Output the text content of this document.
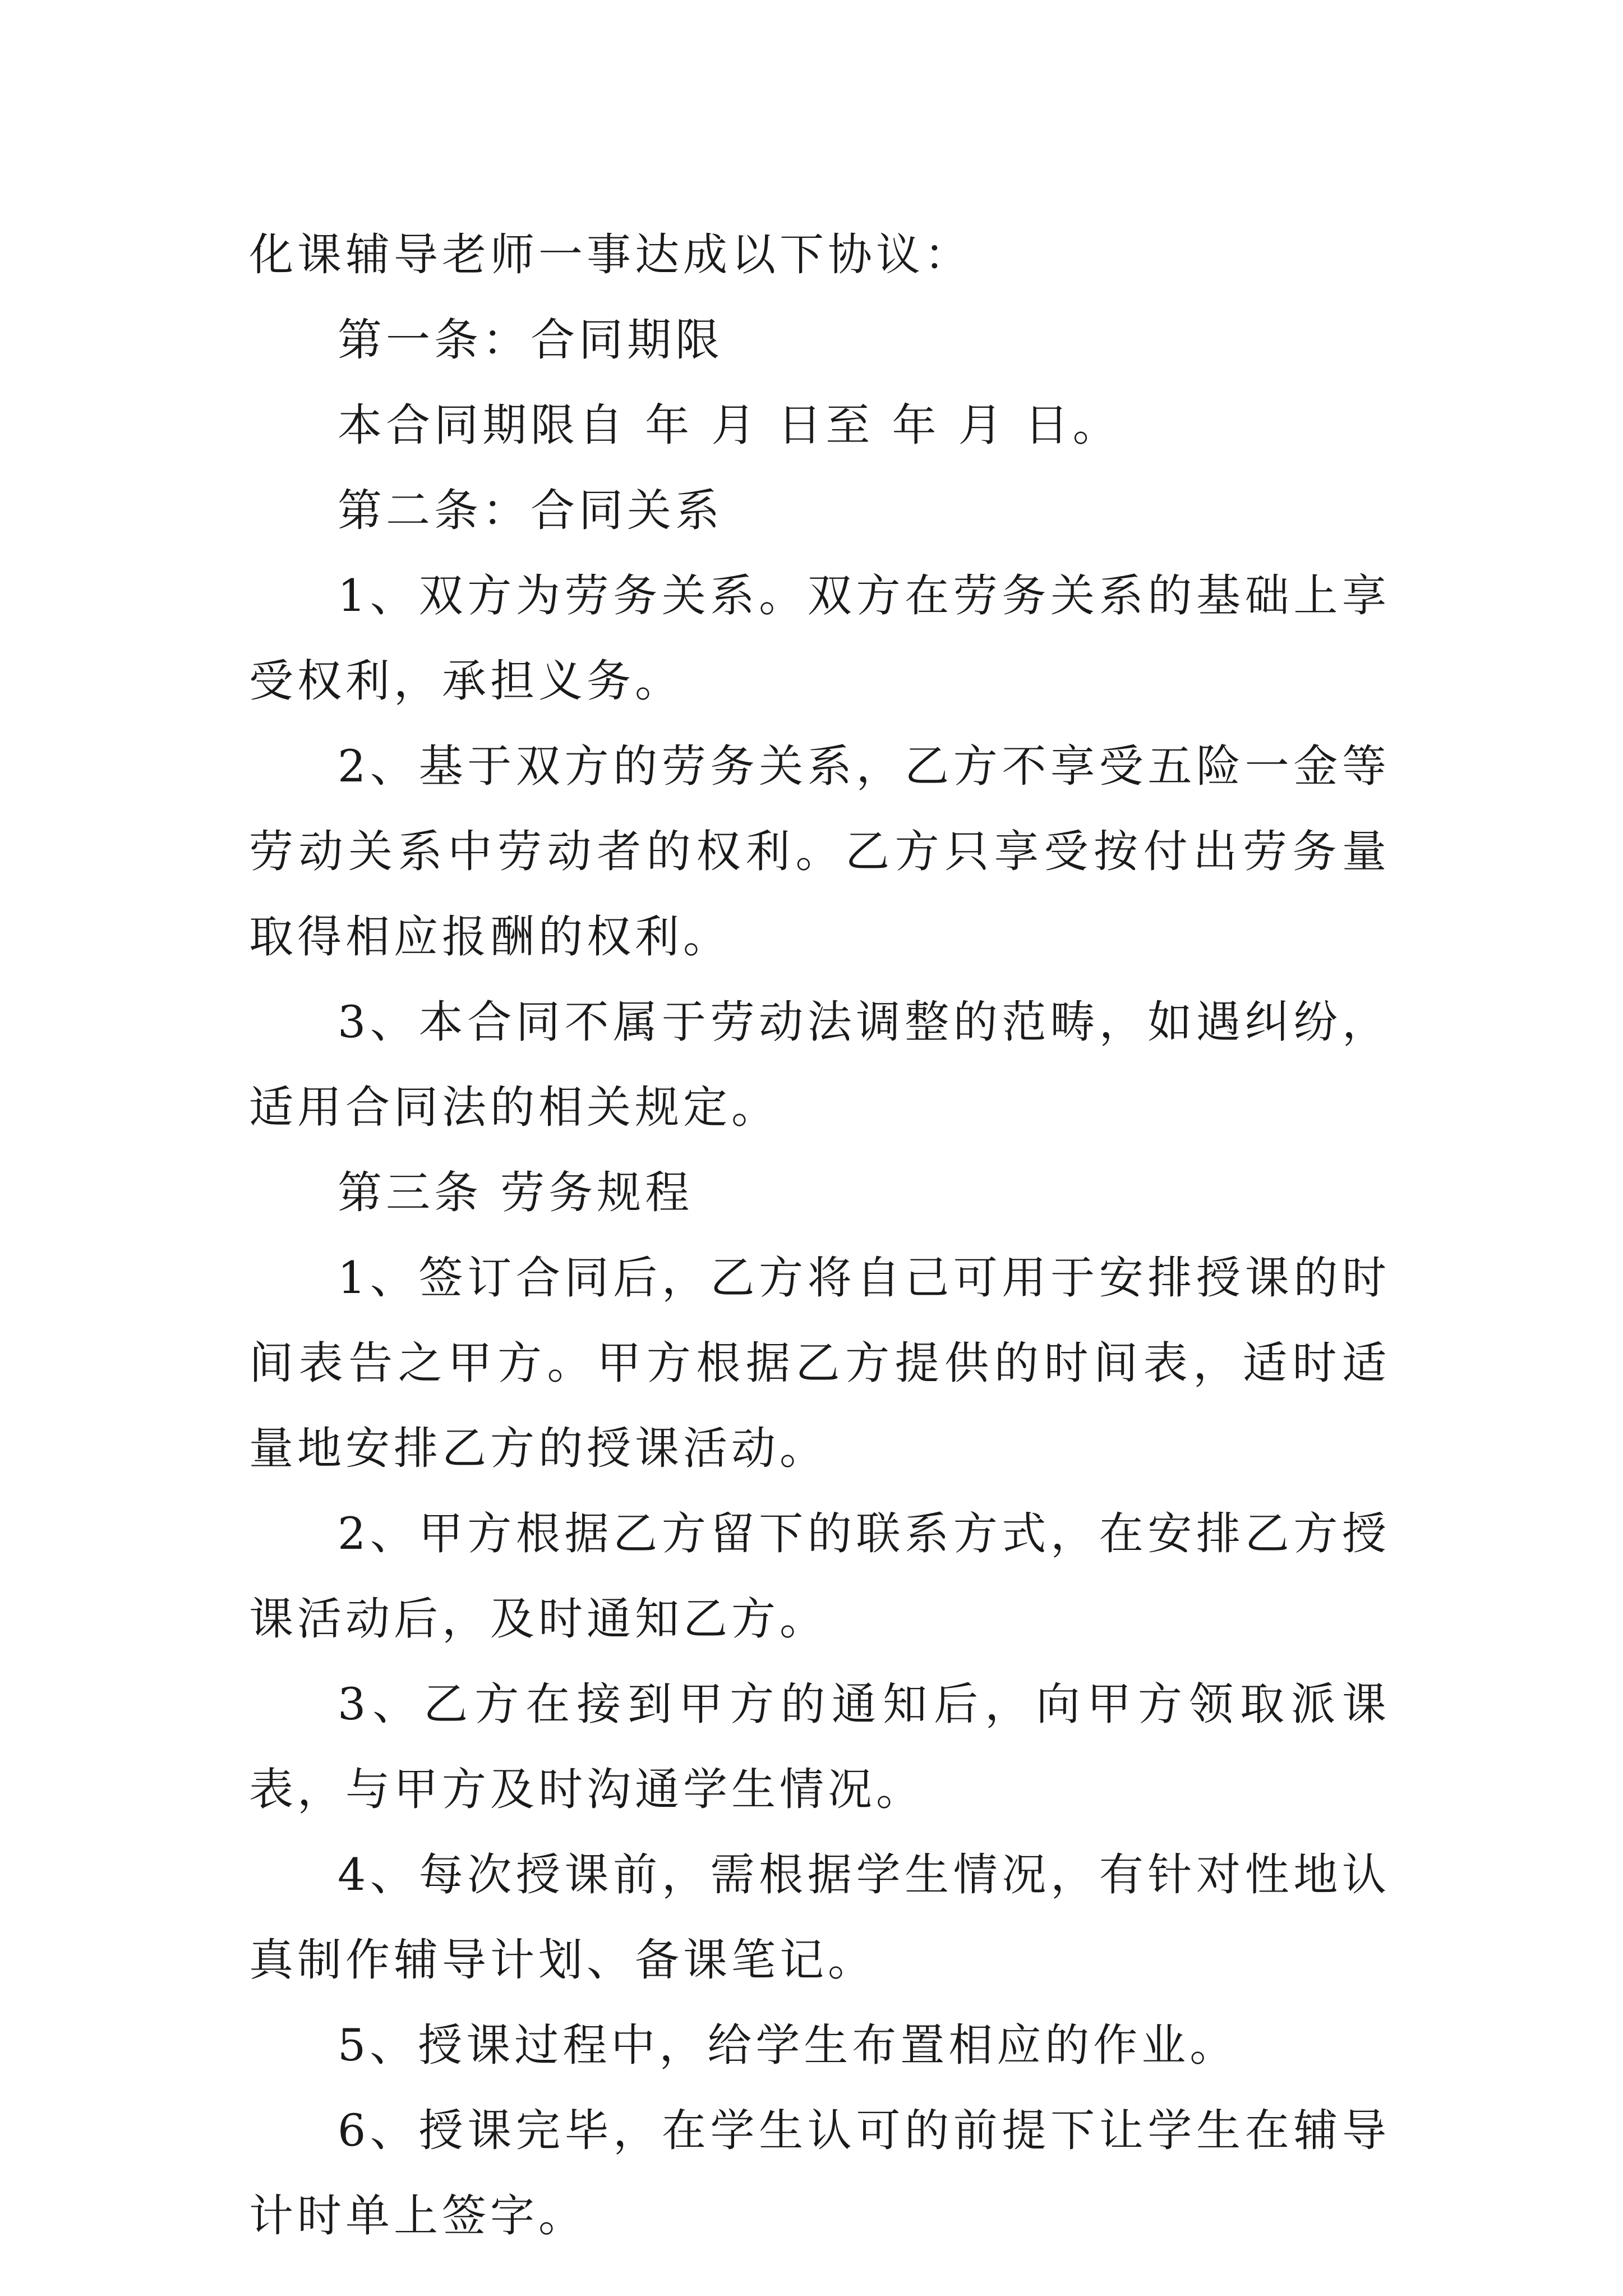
化课辅导老师一事达成以下协议：

第一条：合同期限

本合同期限自 年 月 日至 年 月 日。

第二条：合同关系

1、双方为劳务关系。双方在劳务关系的基础上享受权利，承担义务。

2、基于双方的劳务关系，乙方不享受五险一金等劳动关系中劳动者的权利。乙方只享受按付出劳务量取得相应报酬的权利。

3、本合同不属于劳动法调整的范畴，如遇纠纷，适用合同法的相关规定。

第三条 劳务规程

1、签订合同后，乙方将自己可用于安排授课的时间表告之甲方。甲方根据乙方提供的时间表，适时适量地安排乙方的授课活动。

2、甲方根据乙方留下的联系方式，在安排乙方授课活动后，及时通知乙方。

3、乙方在接到甲方的通知后，向甲方领取派课表，与甲方及时沟通学生情况。

4、每次授课前，需根据学生情况，有针对性地认真制作辅导计划、备课笔记。

5、授课过程中，给学生布置相应的作业。

6、授课完毕，在学生认可的前提下让学生在辅导计时单上签字。
